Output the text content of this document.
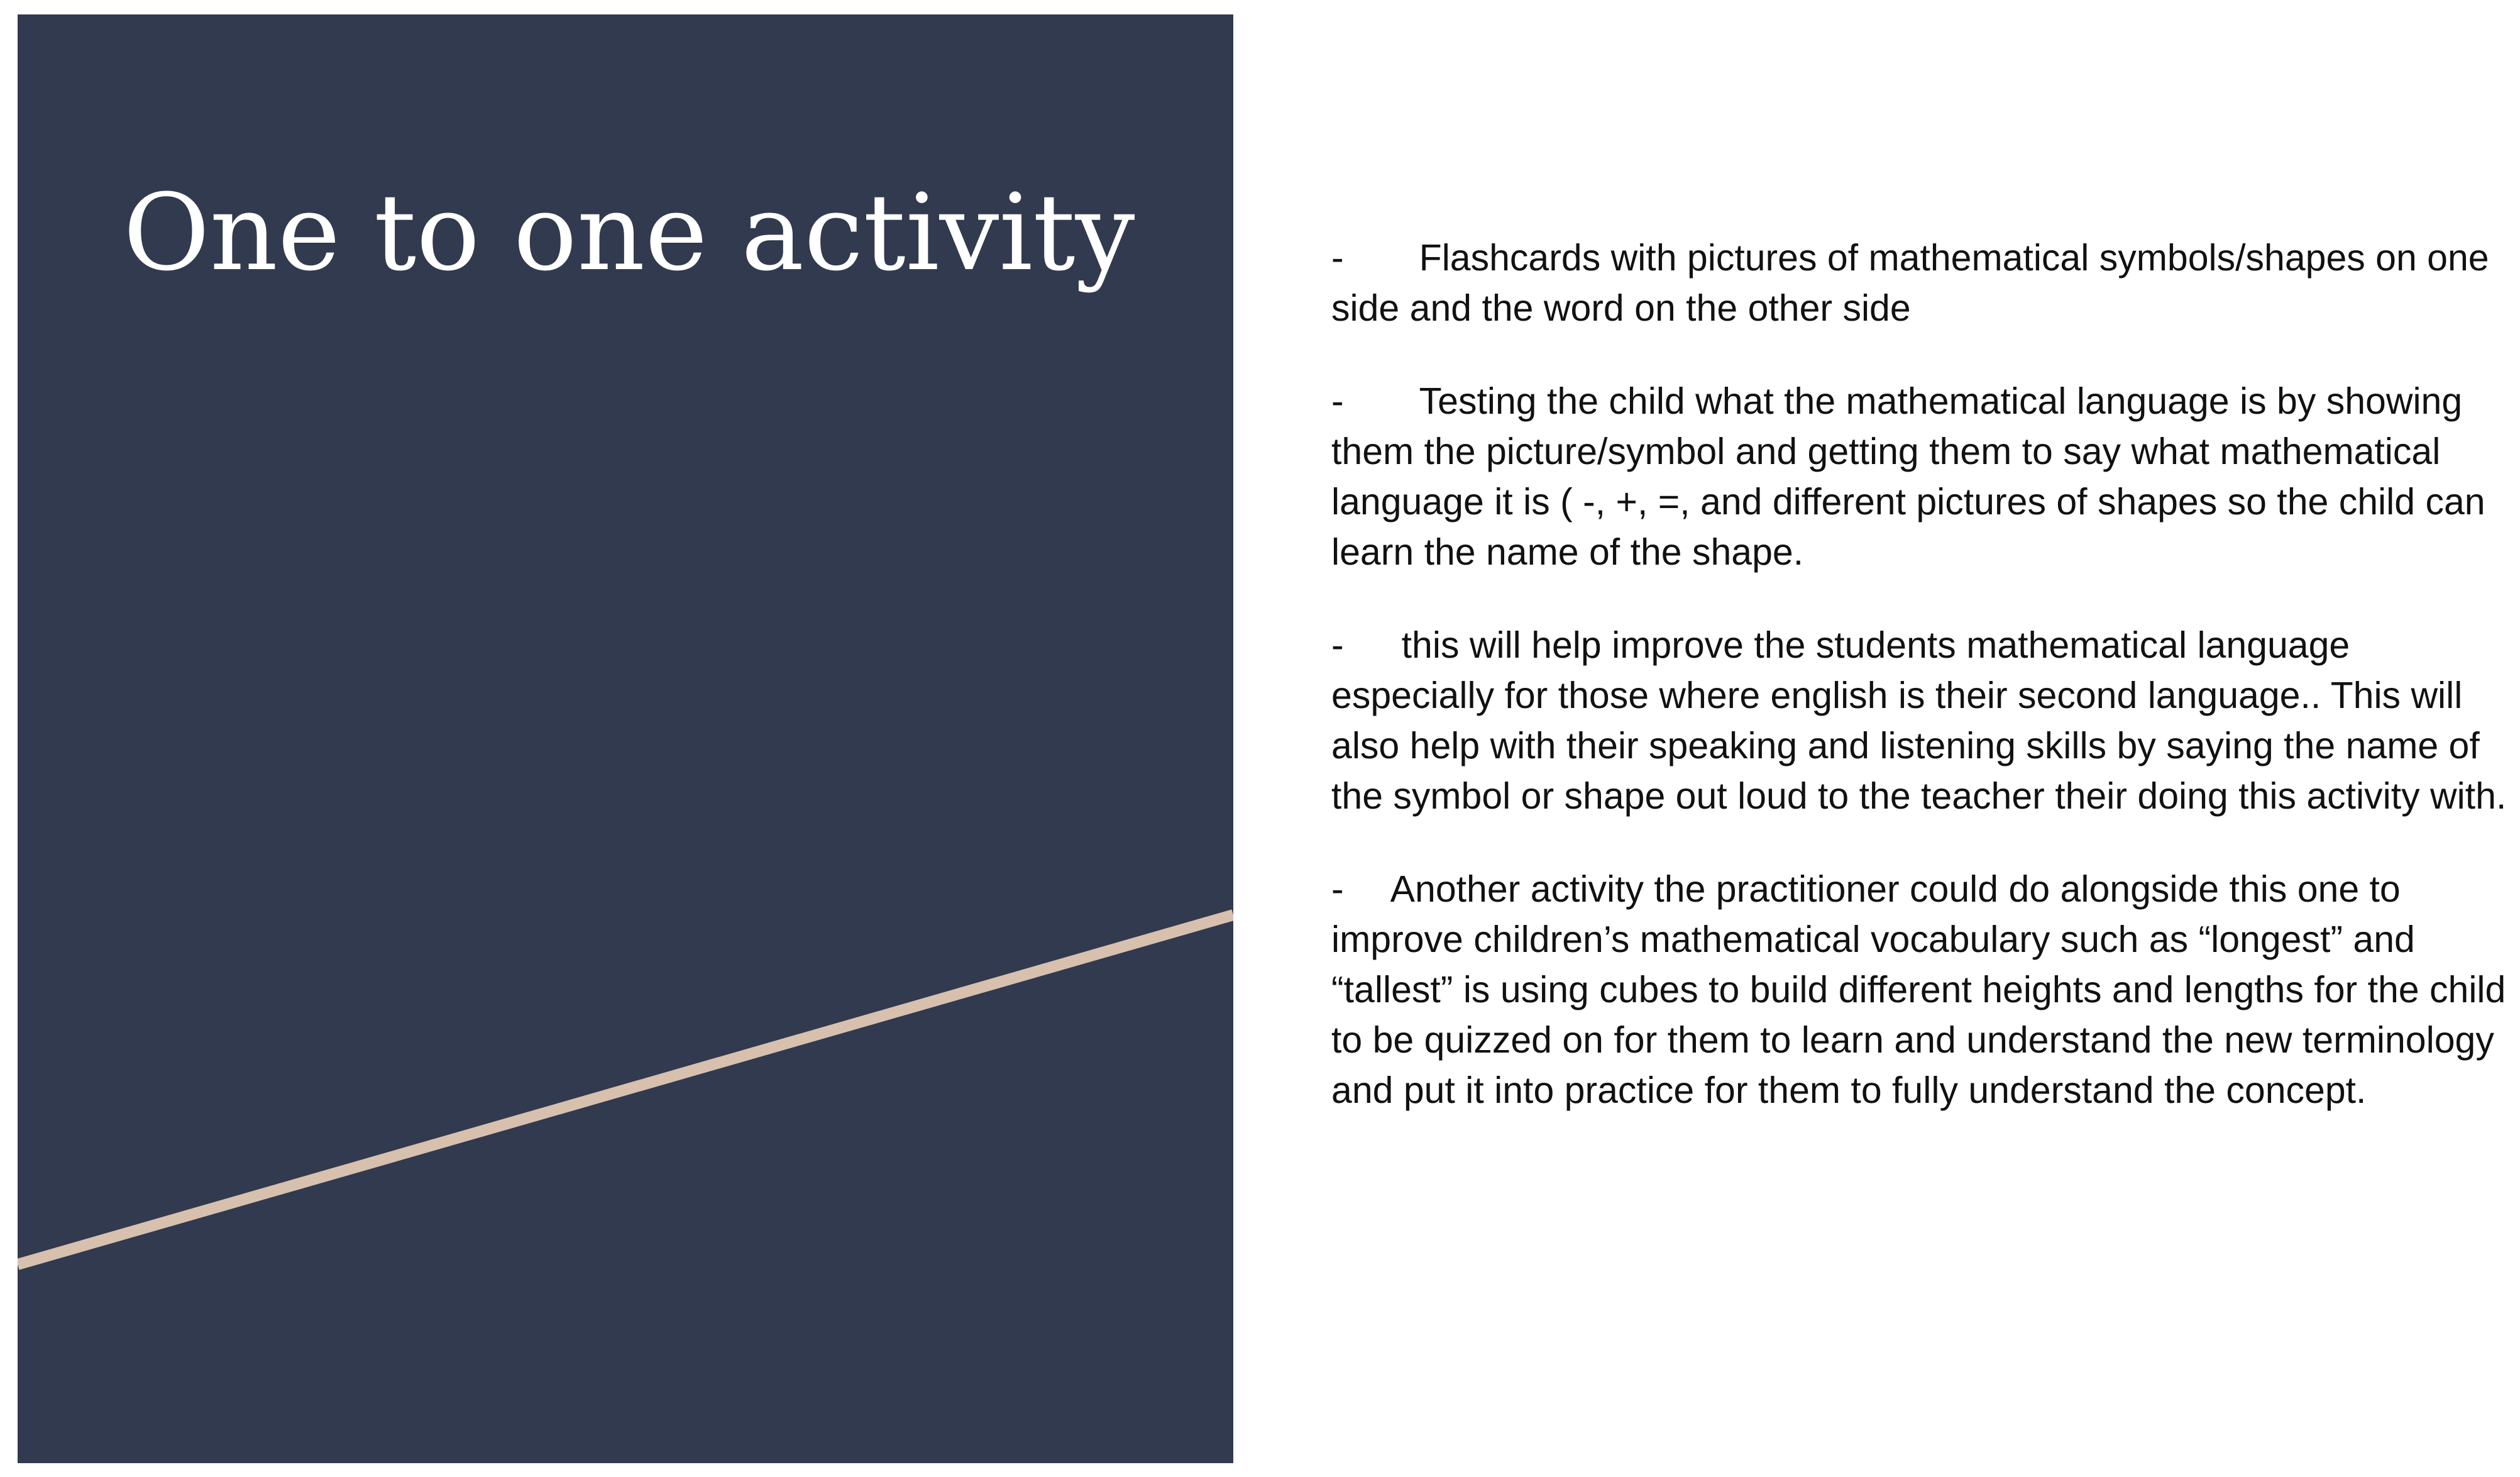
One to one activity	- Flashcards with pictures of mathematical symbols/shapes on one side and the word on the other side

- Testing the child what the mathematical language is by showing them the picture/symbol and getting them to say what mathematical language it is ( -, +, =, and different pictures of shapes so the child can learn the name of the shape.

- this will help improve the students mathematical language especially for those where english is their second language.. This will also help with their speaking and listening skills by saying the name of the symbol or shape out loud to the teacher their doing this activity with.

- Another activity the practitioner could do alongside this one to improve children’s mathematical vocabulary such as “longest” and “tallest” is using cubes to build different heights and lengths for the child to be quizzed on for them to learn and understand the new terminology and put it into practice for them to fully understand the concept.
